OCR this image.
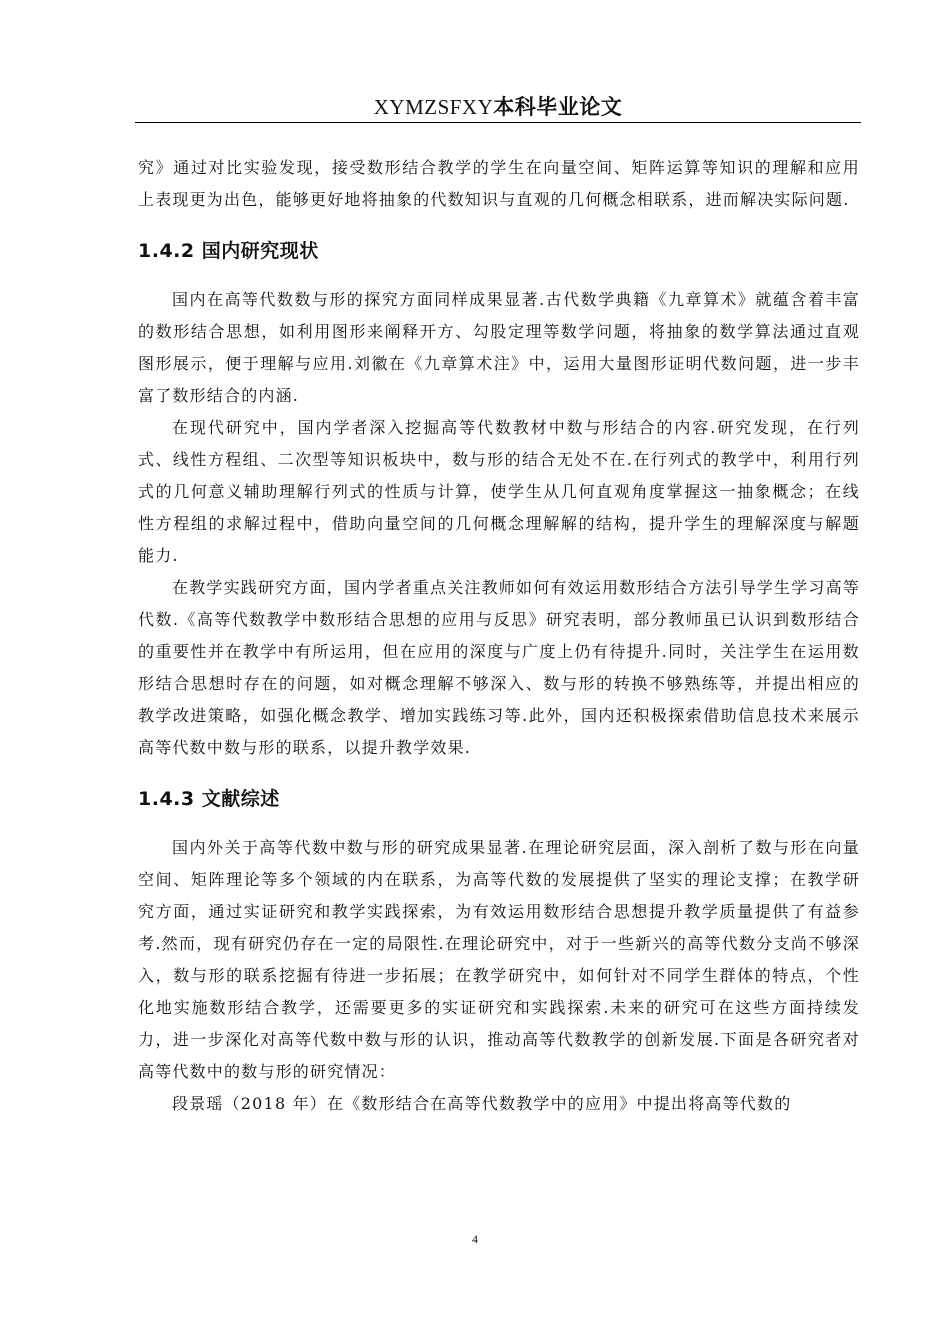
XYMZSFXY本科毕业论文

究》通过对比实验发现，接受数形结合教学的学生在向量空间、矩阵运算等知识的理解和应用上表现更为出色，能够更好地将抽象的代数知识与直观的几何概念相联系，进而解决实际问题.

1.4.2 国内研究现状

国内在高等代数数与形的探究方面同样成果显著.古代数学典籍《九章算术》就蕴含着丰富的数形结合思想，如利用图形来阐释开方、勾股定理等数学问题，将抽象的数学算法通过直观图形展示，便于理解与应用.刘徽在《九章算术注》中，运用大量图形证明代数问题，进一步丰富了数形结合的内涵.

在现代研究中，国内学者深入挖掘高等代数教材中数与形结合的内容.研究发现，在行列式、线性方程组、二次型等知识板块中，数与形的结合无处不在.在行列式的教学中，利用行列式的几何意义辅助理解行列式的性质与计算，使学生从几何直观角度掌握这一抽象概念；在线性方程组的求解过程中，借助向量空间的几何概念理解解的结构，提升学生的理解深度与解题能力.

在教学实践研究方面，国内学者重点关注教师如何有效运用数形结合方法引导学生学习高等代数.《高等代数教学中数形结合思想的应用与反思》研究表明，部分教师虽已认识到数形结合的重要性并在教学中有所运用，但在应用的深度与广度上仍有待提升.同时，关注学生在运用数形结合思想时存在的问题，如对概念理解不够深入、数与形的转换不够熟练等，并提出相应的教学改进策略，如强化概念教学、增加实践练习等.此外，国内还积极探索借助信息技术来展示高等代数中数与形的联系，以提升教学效果.

1.4.3 文献综述

国内外关于高等代数中数与形的研究成果显著.在理论研究层面，深入剖析了数与形在向量空间、矩阵理论等多个领域的内在联系，为高等代数的发展提供了坚实的理论支撑；在教学研究方面，通过实证研究和教学实践探索，为有效运用数形结合思想提升教学质量提供了有益参考.然而，现有研究仍存在一定的局限性.在理论研究中，对于一些新兴的高等代数分支尚不够深入，数与形的联系挖掘有待进一步拓展；在教学研究中，如何针对不同学生群体的特点，个性化地实施数形结合教学，还需要更多的实证研究和实践探索.未来的研究可在这些方面持续发力，进一步深化对高等代数中数与形的认识，推动高等代数教学的创新发展.下面是各研究者对高等代数中的数与形的研究情况：

段景瑶（2018 年）在《数形结合在高等代数教学中的应用》中提出将高等代数的

4
